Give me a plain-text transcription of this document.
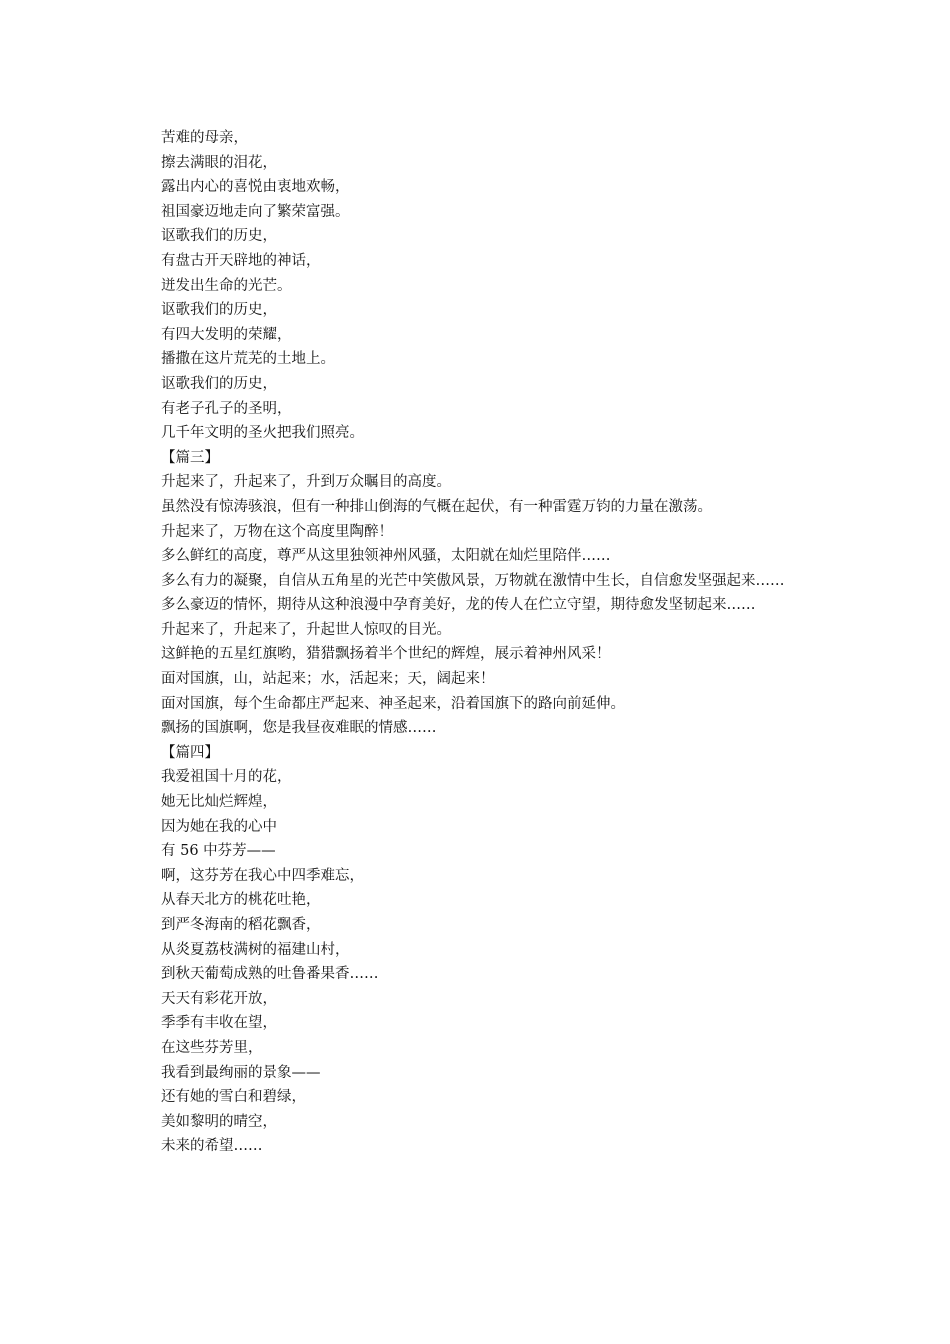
苦难的母亲，
擦去满眼的泪花，
露出内心的喜悦由衷地欢畅，
祖国豪迈地走向了繁荣富强。
讴歌我们的历史，
有盘古开天辟地的神话，
迸发出生命的光芒。
讴歌我们的历史，
有四大发明的荣耀，
播撒在这片荒芜的土地上。
讴歌我们的历史，
有老子孔子的圣明，
几千年文明的圣火把我们照亮。
【篇三】
升起来了，升起来了，升到万众瞩目的高度。
虽然没有惊涛骇浪，但有一种排山倒海的气概在起伏，有一种雷霆万钧的力量在激荡。
升起来了，万物在这个高度里陶醉！
多么鲜红的高度，尊严从这里独领神州风骚，太阳就在灿烂里陪伴……
多么有力的凝聚，自信从五角星的光芒中笑傲风景，万物就在激情中生长，自信愈发坚强起来……
多么豪迈的情怀，期待从这种浪漫中孕育美好，龙的传人在伫立守望，期待愈发坚韧起来……
升起来了，升起来了，升起世人惊叹的目光。
这鲜艳的五星红旗哟，猎猎飘扬着半个世纪的辉煌，展示着神州风采！
面对国旗，山，站起来；水，活起来；天，阔起来！
面对国旗，每个生命都庄严起来、神圣起来，沿着国旗下的路向前延伸。
飘扬的国旗啊，您是我昼夜难眠的情感……
【篇四】
我爱祖国十月的花，
她无比灿烂辉煌，
因为她在我的心中
有 56 中芬芳——
啊，这芬芳在我心中四季难忘，
从春天北方的桃花吐艳，
到严冬海南的稻花飘香，
从炎夏荔枝满树的福建山村，
到秋天葡萄成熟的吐鲁番果香……
天天有彩花开放，
季季有丰收在望，
在这些芬芳里，
我看到最绚丽的景象——
还有她的雪白和碧绿，
美如黎明的晴空，
未来的希望……
